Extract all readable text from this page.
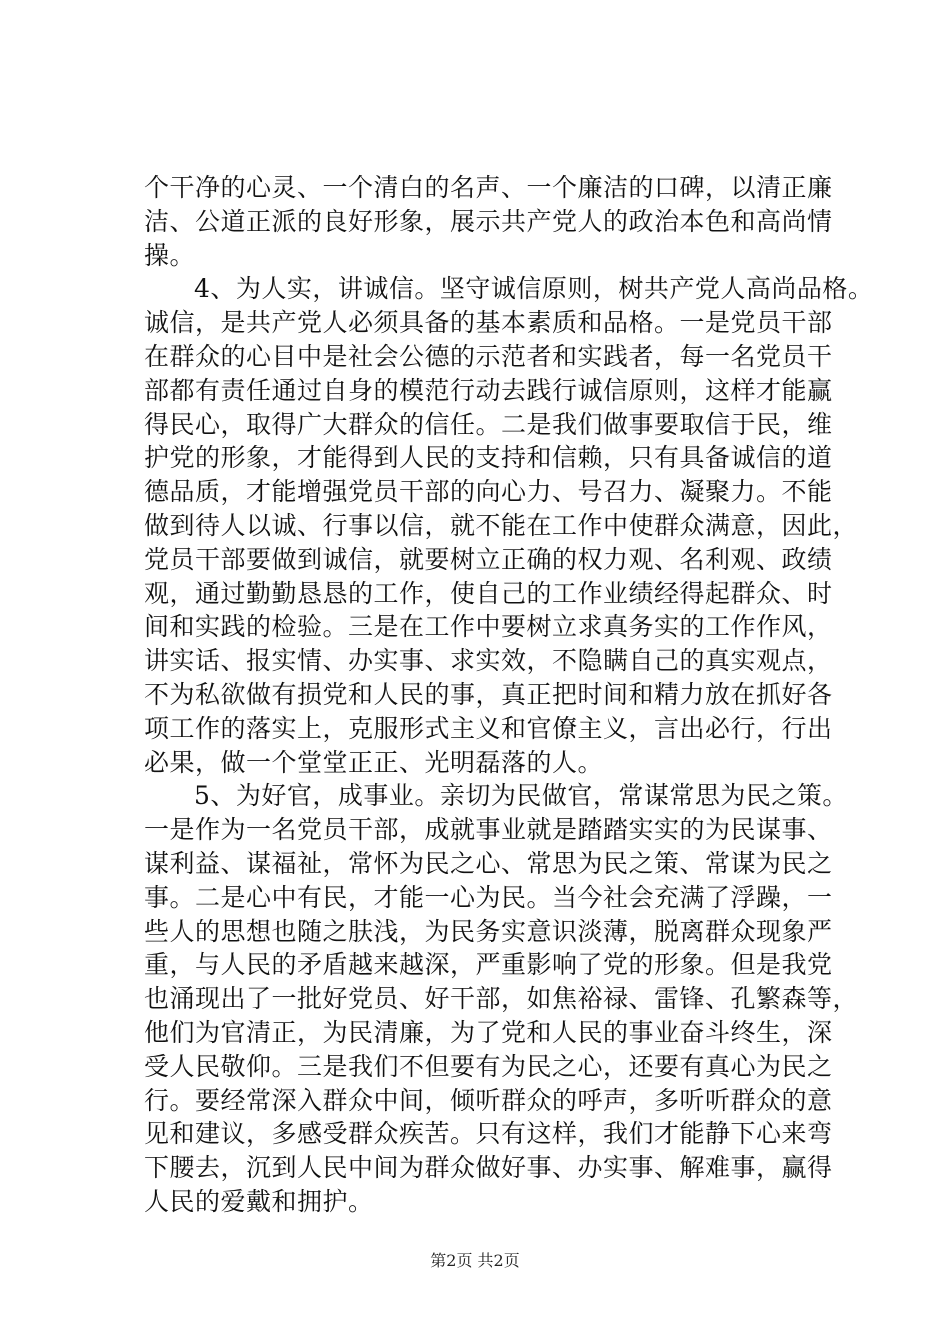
个干净的心灵、一个清白的名声、一个廉洁的口碑，以清正廉
洁、公道正派的良好形象，展示共产党人的政治本色和高尚情
操。

4、为人实，讲诚信。坚守诚信原则，树共产党人高尚品格。
诚信，是共产党人必须具备的基本素质和品格。一是党员干部
在群众的心目中是社会公德的示范者和实践者，每一名党员干
部都有责任通过自身的模范行动去践行诚信原则，这样才能赢
得民心，取得广大群众的信任。二是我们做事要取信于民，维
护党的形象，才能得到人民的支持和信赖，只有具备诚信的道
德品质，才能增强党员干部的向心力、号召力、凝聚力。不能
做到待人以诚、行事以信，就不能在工作中使群众满意，因此，
党员干部要做到诚信，就要树立正确的权力观、名利观、政绩
观，通过勤勤恳恳的工作，使自己的工作业绩经得起群众、时
间和实践的检验。三是在工作中要树立求真务实的工作作风，
讲实话、报实情、办实事、求实效，不隐瞒自己的真实观点，
不为私欲做有损党和人民的事，真正把时间和精力放在抓好各
项工作的落实上，克服形式主义和官僚主义，言出必行，行出
必果，做一个堂堂正正、光明磊落的人。

5、为好官，成事业。亲切为民做官，常谋常思为民之策。
一是作为一名党员干部，成就事业就是踏踏实实的为民谋事、
谋利益、谋福祉，常怀为民之心、常思为民之策、常谋为民之
事。二是心中有民，才能一心为民。当今社会充满了浮躁，一
些人的思想也随之肤浅，为民务实意识淡薄，脱离群众现象严
重，与人民的矛盾越来越深，严重影响了党的形象。但是我党
也涌现出了一批好党员、好干部，如焦裕禄、雷锋、孔繁森等，
他们为官清正，为民清廉，为了党和人民的事业奋斗终生，深
受人民敬仰。三是我们不但要有为民之心，还要有真心为民之
行。要经常深入群众中间，倾听群众的呼声，多听听群众的意
见和建议，多感受群众疾苦。只有这样，我们才能静下心来弯
下腰去，沉到人民中间为群众做好事、办实事、解难事，赢得
人民的爱戴和拥护。

第2页 共2页
